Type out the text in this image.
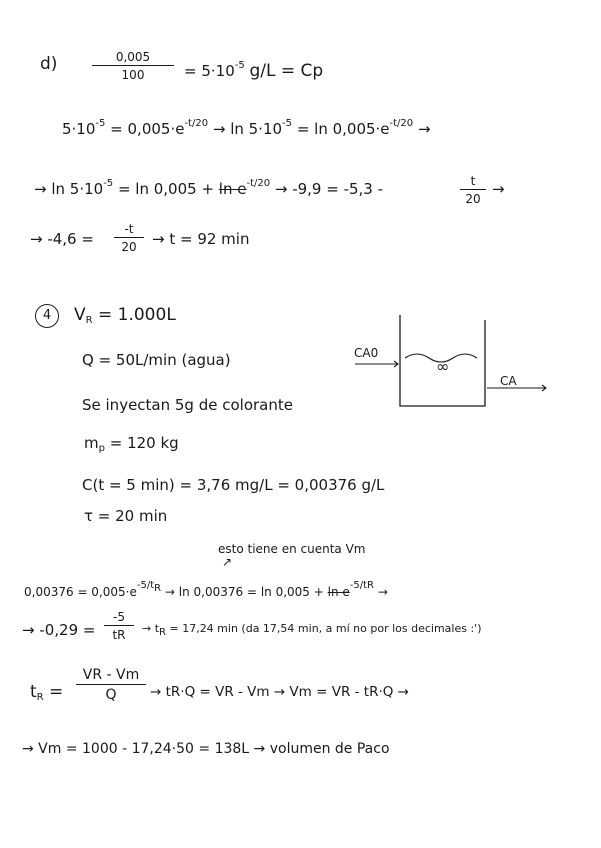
d)	$\frac{0,005}{100} = 5\cdot 10^{-5}$ g/L = Cp
$5\cdot 10^{-5} = 0,005\cdot e^{-t/20} \to \ln 5\cdot 10^{-5} = \ln 0,005\cdot e^{-t/20}$ →
→ $\ln 5\cdot 10^{-5} = \ln 0,005 + \ln e^{-t/20} \to -9,9 = -5,3$ -	$\frac{t}{20}$ →
→ $-4,6 = \frac{-t}{20} \to t = 92$ min
4	$V_R = 1.000L$
Q = 50L/min (agua)
Se inyectan 5g de colorante
$m_p = 120$ kg
C(t = 5 min) = 3,76 mg/L = 0,00376 g/L
τ = 20 min
∞
CA0
CA
esto tiene en cuenta Vm
↗
$0,00376 = 0,005\cdot e^{-5/t_R} \to \ln 0,00376 = \ln 0,005 + \ln e^{-5/tR}$ →
→ $-0,29 = \frac{-5}{tR} \to t_R = 17,24$ min (da 17,54 min, a mí no por los decimales :')
$t_R = \frac{VR - Vm}{Q} \to tR\cdot Q$ = VR - Vm → Vm = VR - tR·Q →
→ Vm = 1000 - 17,24·50 = 138L → volumen de Paco
